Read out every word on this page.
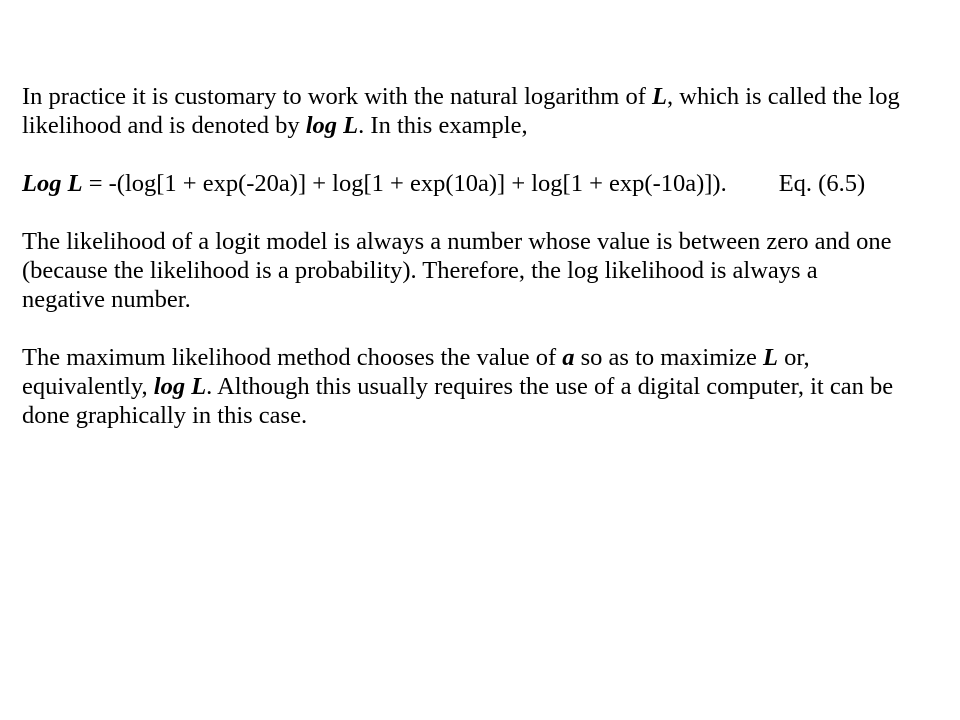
In practice it is customary to work with the natural logarithm of L, which is called the log
likelihood and is denoted by log L. In this example,

Log L = -(log[1 + exp(-20a)] + log[1 + exp(10a)] + log[1 + exp(-10a)]). Eq. (6.5)

The likelihood of a logit model is always a number whose value is between zero and one
(because the likelihood is a probability). Therefore, the log likelihood is always a
negative number.

The maximum likelihood method chooses the value of a so as to maximize L or,
equivalently, log L. Although this usually requires the use of a digital computer, it can be
done graphically in this case.
